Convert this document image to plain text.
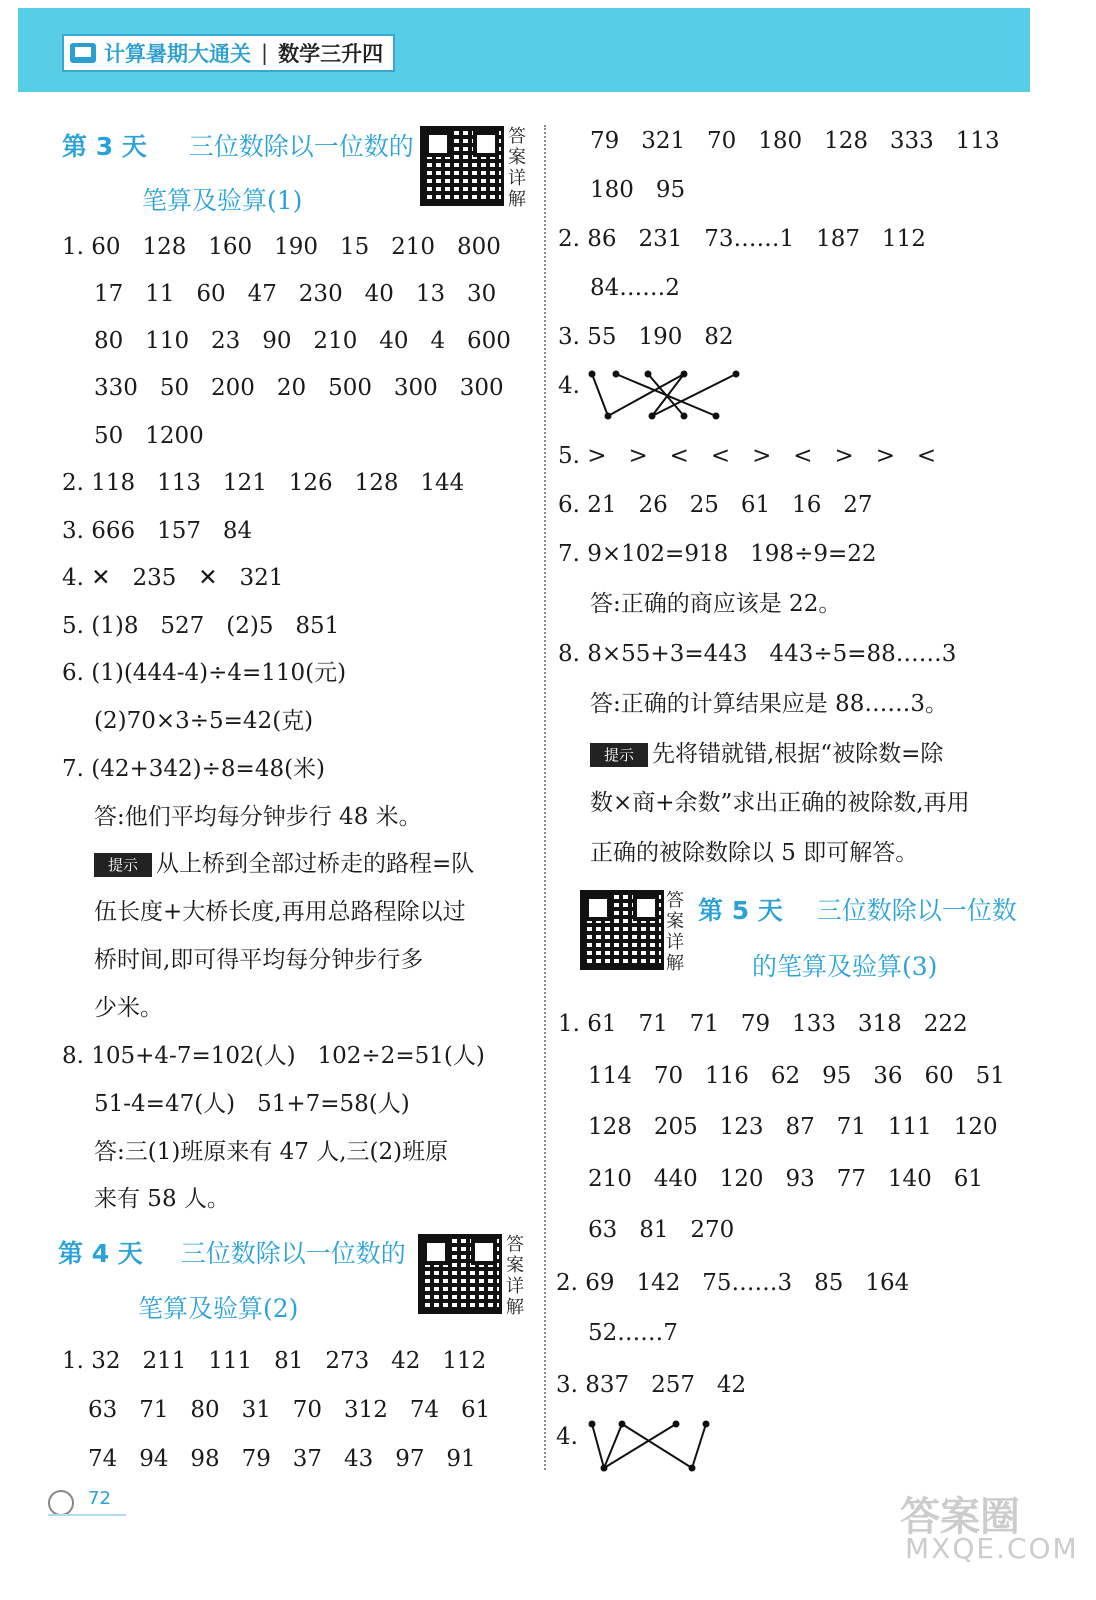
计算暑期大通关 | 数学三升四
第 3 天 三位数除以一位数的
笔算及验算(1)
答案详解
1. 60   128   160   190   15   210   800
17   11   60   47   230   40   13   30
80   110   23   90   210   40   4   600
330   50   200   20   500   300   300
50   1200
2. 118   113   121   126   128   144
3. 666   157   84
4. ✕   235   ✕   321
5. (1)8   527   (2)5   851
6. (1)(444-4)÷4=110(元)
(2)70×3÷5=42(克)
7. (42+342)÷8=48(米)
答:他们平均每分钟步行 48 米。
提示 从上桥到全部过桥走的路程=队
伍长度+大桥长度,再用总路程除以过
桥时间,即可得平均每分钟步行多
少米。
8. 105+4-7=102(人)   102÷2=51(人)
51-4=47(人)   51+7=58(人)
答:三(1)班原来有 47 人,三(2)班原
来有 58 人。
第 4 天 三位数除以一位数的
笔算及验算(2)
答案详解
1. 32   211   111   81   273   42   112
63   71   80   31   70   312   74   61
74   94   98   79   37   43   97   91
79   321   70   180   128   333   113
180   95
2. 86   231   73……1   187   112
84……2
3. 55   190   82
4.
5. >   >   <   <   >   <   >   >   <
6. 21   26   25   61   16   27
7. 9×102=918   198÷9=22
答:正确的商应该是 22。
8. 8×55+3=443   443÷5=88……3
答:正确的计算结果应是 88……3。
提示 先将错就错,根据“被除数=除
数×商+余数”求出正确的被除数,再用
正确的被除数除以 5 即可解答。
答案详解
第 5 天 三位数除以一位数
的笔算及验算(3)
1. 61   71   71   79   133   318   222
114   70   116   62   95   36   60   51
128   205   123   87   71   111   120
210   440   120   93   77   140   61
63   81   270
2. 69   142   75……3   85   164
52……7
3. 837   257   42
4.
72	答案圈
MXQE.COM
